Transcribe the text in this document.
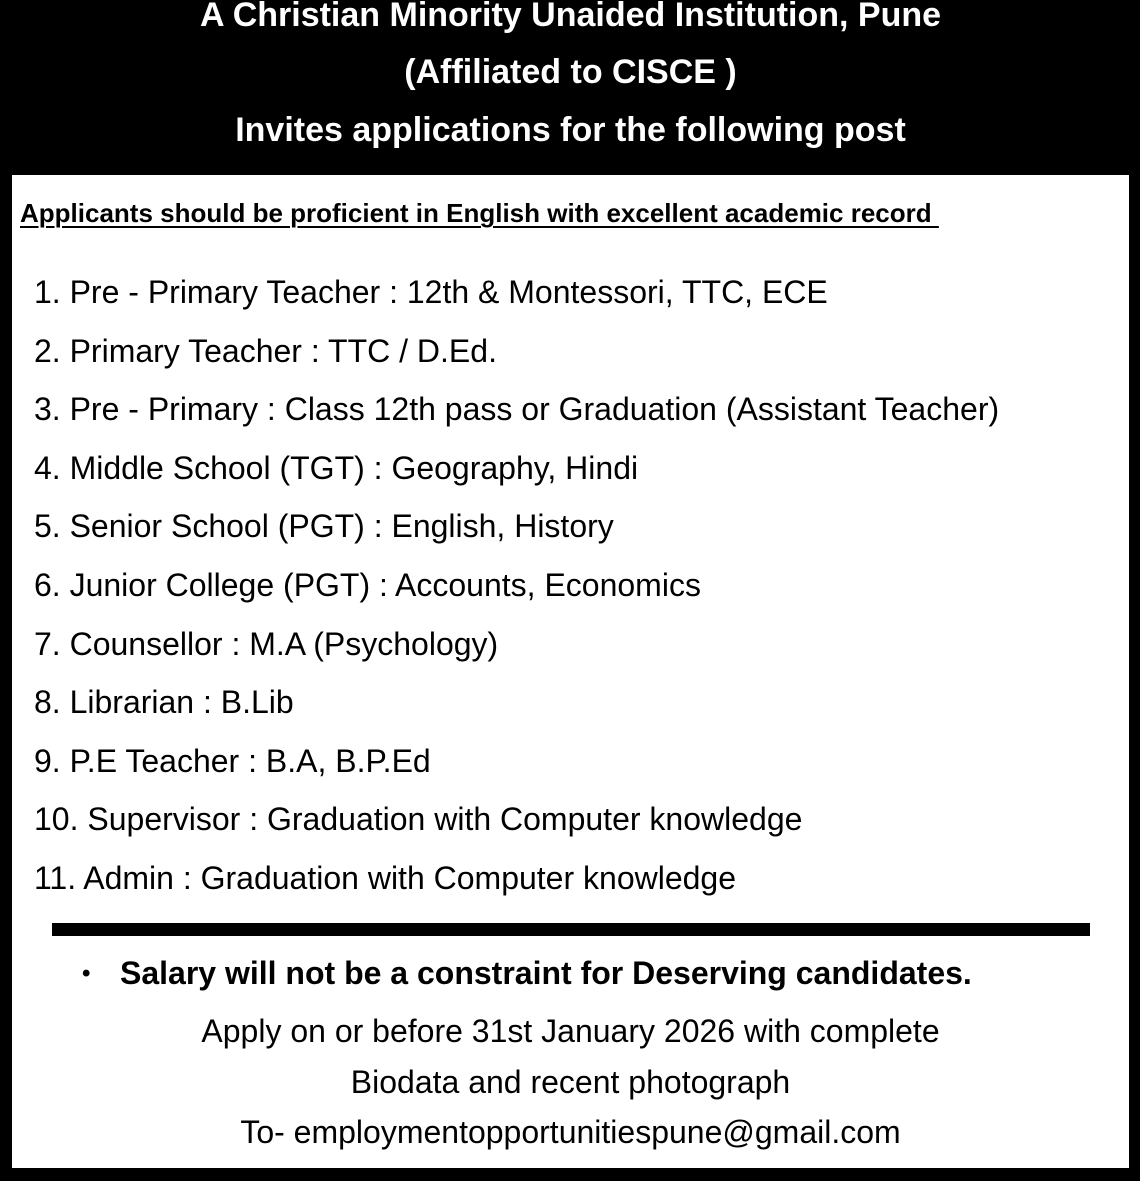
A Christian Minority Unaided Institution, Pune
(Affiliated to CISCE )
Invites applications for the following post
Applicants should be proficient in English with excellent academic record
1. Pre - Primary Teacher : 12th & Montessori, TTC, ECE
2. Primary Teacher : TTC / D.Ed.
3. Pre - Primary : Class 12th pass or Graduation (Assistant Teacher)
4. Middle School (TGT) : Geography, Hindi
5. Senior School (PGT) : English, History
6. Junior College (PGT) : Accounts, Economics
7. Counsellor : M.A (Psychology)
8. Librarian : B.Lib
9. P.E Teacher : B.A, B.P.Ed
10. Supervisor : Graduation with Computer knowledge
11. Admin : Graduation with Computer knowledge
• Salary will not be a constraint for Deserving candidates.
Apply on or before 31st January 2026 with complete
Biodata and recent photograph
To- employmentopportunitiespune@gmail.com
